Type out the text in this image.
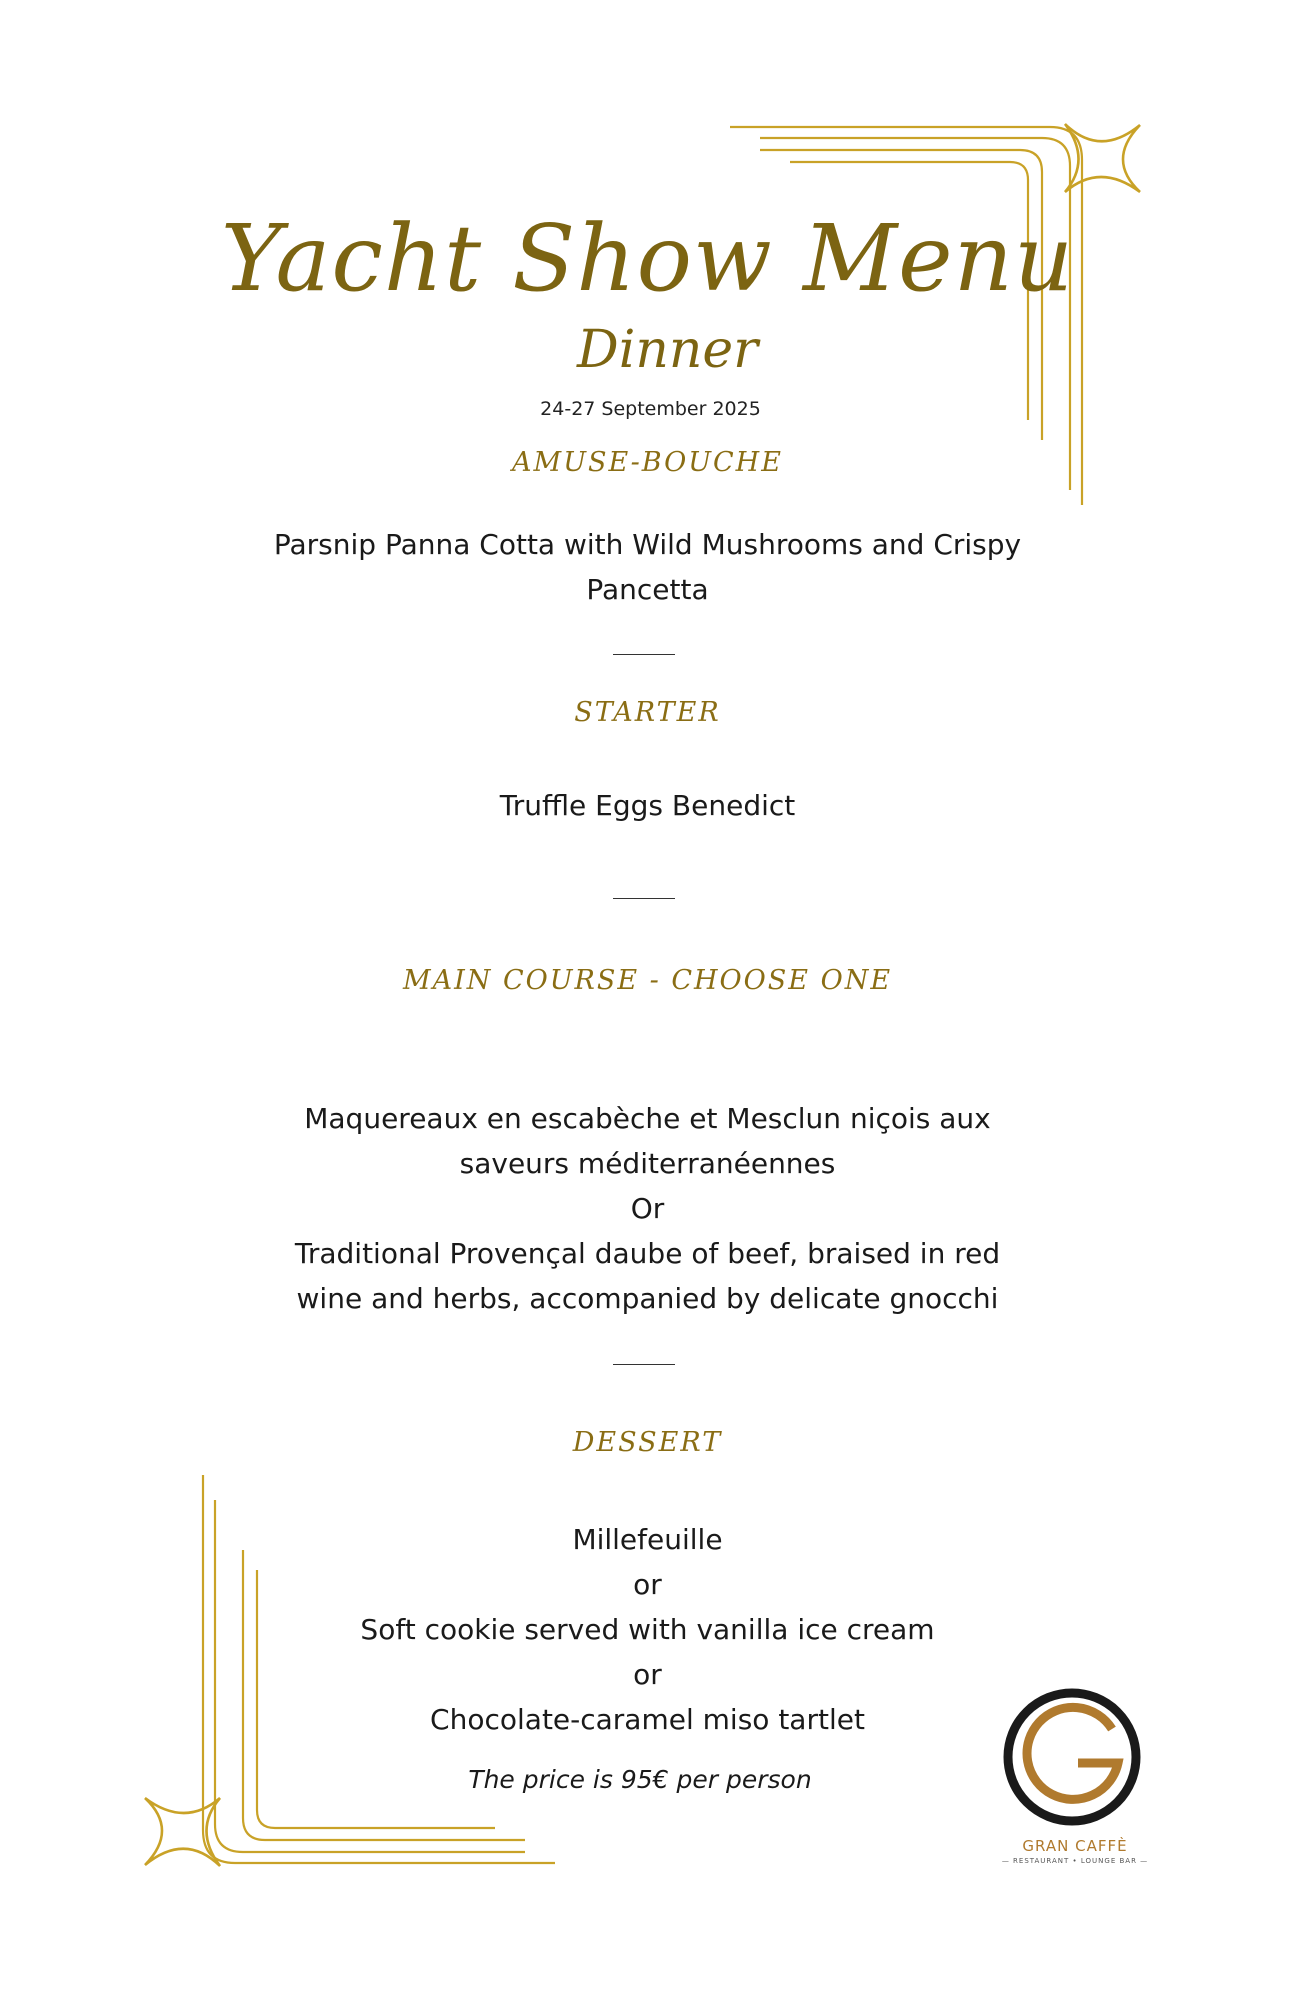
Yacht Show Menu
Dinner
24-27 September 2025
AMUSE-BOUCHE
Parsnip Panna Cotta with Wild Mushrooms and Crispy
Pancetta
STARTER
Truffle Eggs Benedict
MAIN COURSE - CHOOSE ONE
Maquereaux en escabèche et Mesclun niçois aux
saveurs méditerranéennes
Or
Traditional Provençal daube of beef, braised in red
wine and herbs, accompanied by delicate gnocchi
DESSERT
Millefeuille
or
Soft cookie served with vanilla ice cream
or
Chocolate-caramel miso tartlet
The price is 95€ per person
GRAN CAFFÈ
— RESTAURANT • LOUNGE BAR —
